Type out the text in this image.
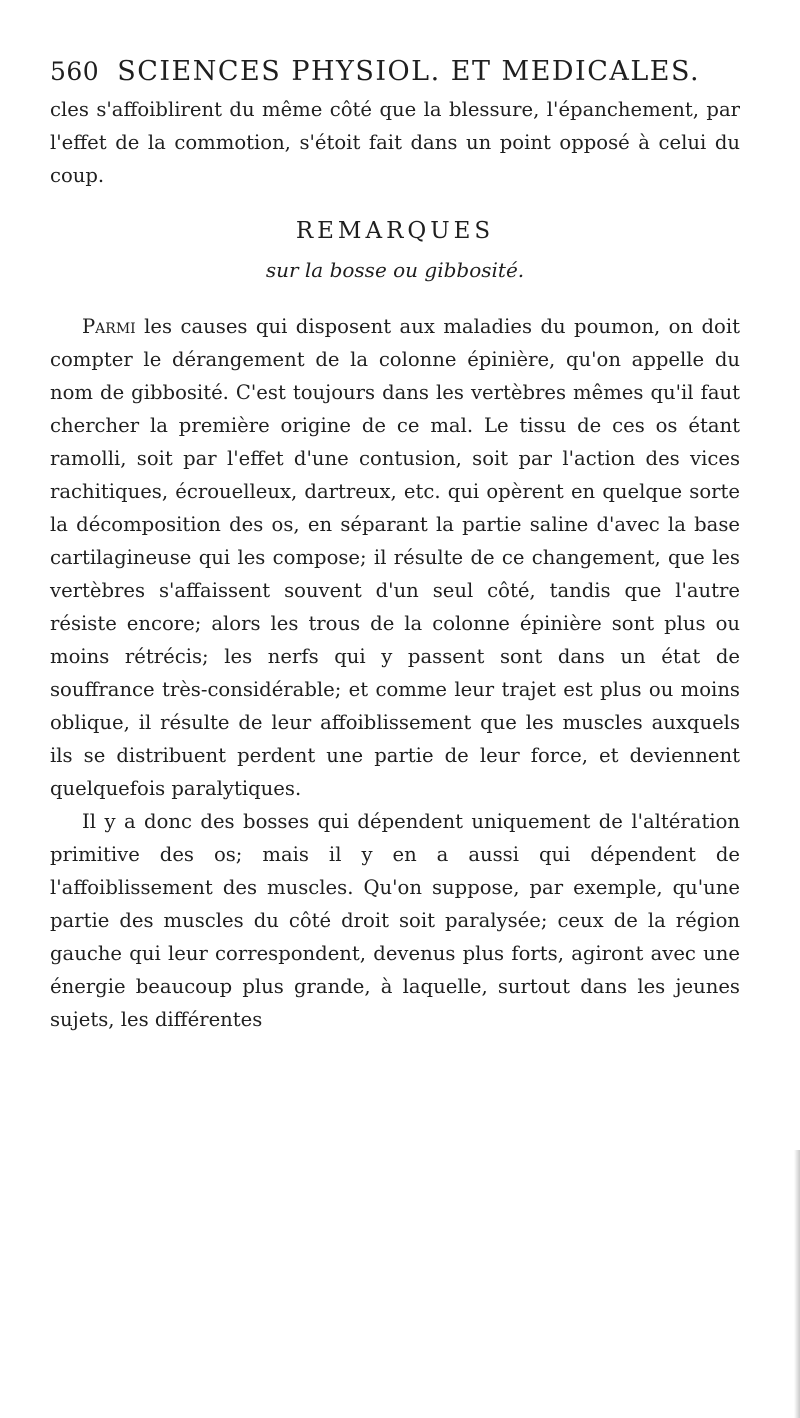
560 SCIENCES PHYSIOL. ET MEDICALES.

cles s'affoiblirent du même côté que la blessure, l'épanchement, par l'effet de la commotion, s'étoit fait dans un point opposé à celui du coup.

REMARQUES
sur la bosse ou gibbosité.

Parmi les causes qui disposent aux maladies du poumon, on doit compter le dérangement de la colonne épinière, qu'on appelle du nom de gibbosité. C'est toujours dans les vertèbres mêmes qu'il faut chercher la première origine de ce mal. Le tissu de ces os étant ramolli, soit par l'effet d'une contusion, soit par l'action des vices rachitiques, écrouelleux, dartreux, etc. qui opèrent en quelque sorte la décomposition des os, en séparant la partie saline d'avec la base cartilagineuse qui les compose; il résulte de ce changement, que les vertèbres s'affaissent souvent d'un seul côté, tandis que l'autre résiste encore; alors les trous de la colonne épinière sont plus ou moins rétrécis; les nerfs qui y passent sont dans un état de souffrance très-considérable; et comme leur trajet est plus ou moins oblique, il résulte de leur affoiblissement que les muscles auxquels ils se distribuent perdent une partie de leur force, et deviennent quelquefois paralytiques.

Il y a donc des bosses qui dépendent uniquement de l'altération primitive des os; mais il y en a aussi qui dépendent de l'affoiblissement des muscles. Qu'on suppose, par exemple, qu'une partie des muscles du côté droit soit paralysée; ceux de la région gauche qui leur correspondent, devenus plus forts, agiront avec une énergie beaucoup plus grande, à laquelle, surtout dans les jeunes sujets, les différentes
